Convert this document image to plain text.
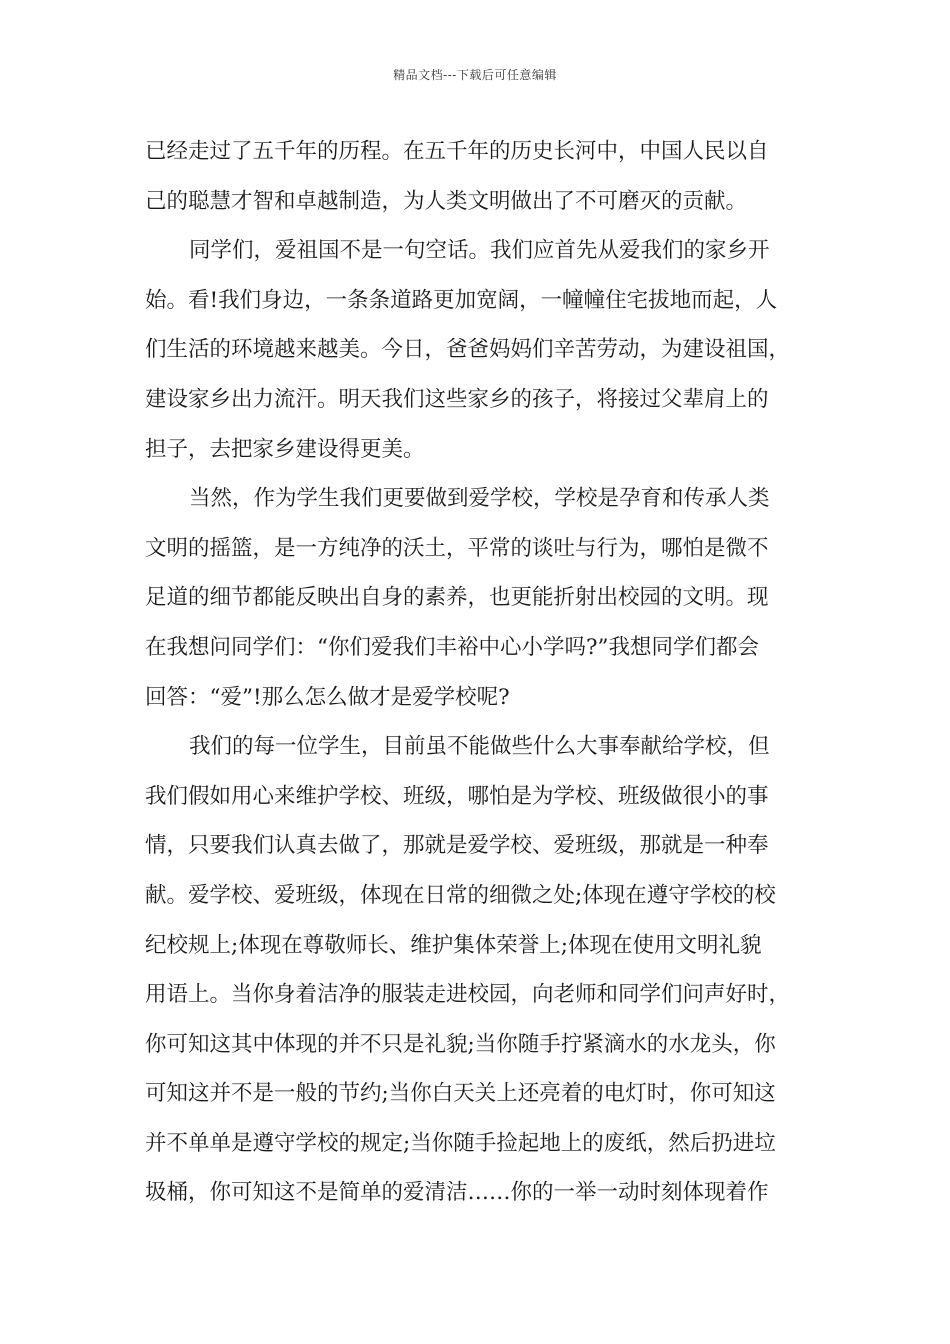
精品文档---下载后可任意编辑
已经走过了五千年的历程。在五千年的历史长河中，中国人民以自
己的聪慧才智和卓越制造，为人类文明做出了不可磨灭的贡献。
同学们，爱祖国不是一句空话。我们应首先从爱我们的家乡开
始。看!我们身边，一条条道路更加宽阔，一幢幢住宅拔地而起，人
们生活的环境越来越美。今日，爸爸妈妈们辛苦劳动，为建设祖国，
建设家乡出力流汗。明天我们这些家乡的孩子，将接过父辈肩上的
担子，去把家乡建设得更美。
当然，作为学生我们更要做到爱学校，学校是孕育和传承人类
文明的摇篮，是一方纯净的沃土，平常的谈吐与行为，哪怕是微不
足道的细节都能反映出自身的素养，也更能折射出校园的文明。现
在我想问同学们：“你们爱我们丰裕中心小学吗?”我想同学们都会
回答：“爱”!那么怎么做才是爱学校呢?
我们的每一位学生，目前虽不能做些什么大事奉献给学校，但
我们假如用心来维护学校、班级，哪怕是为学校、班级做很小的事
情，只要我们认真去做了，那就是爱学校、爱班级，那就是一种奉
献。爱学校、爱班级，体现在日常的细微之处;体现在遵守学校的校
纪校规上;体现在尊敬师长、维护集体荣誉上;体现在使用文明礼貌
用语上。当你身着洁净的服装走进校园，向老师和同学们问声好时，
你可知这其中体现的并不只是礼貌;当你随手拧紧滴水的水龙头，你
可知这并不是一般的节约;当你白天关上还亮着的电灯时，你可知这
并不单单是遵守学校的规定;当你随手捡起地上的废纸，然后扔进垃
圾桶，你可知这不是简单的爱清洁……你的一举一动时刻体现着作
